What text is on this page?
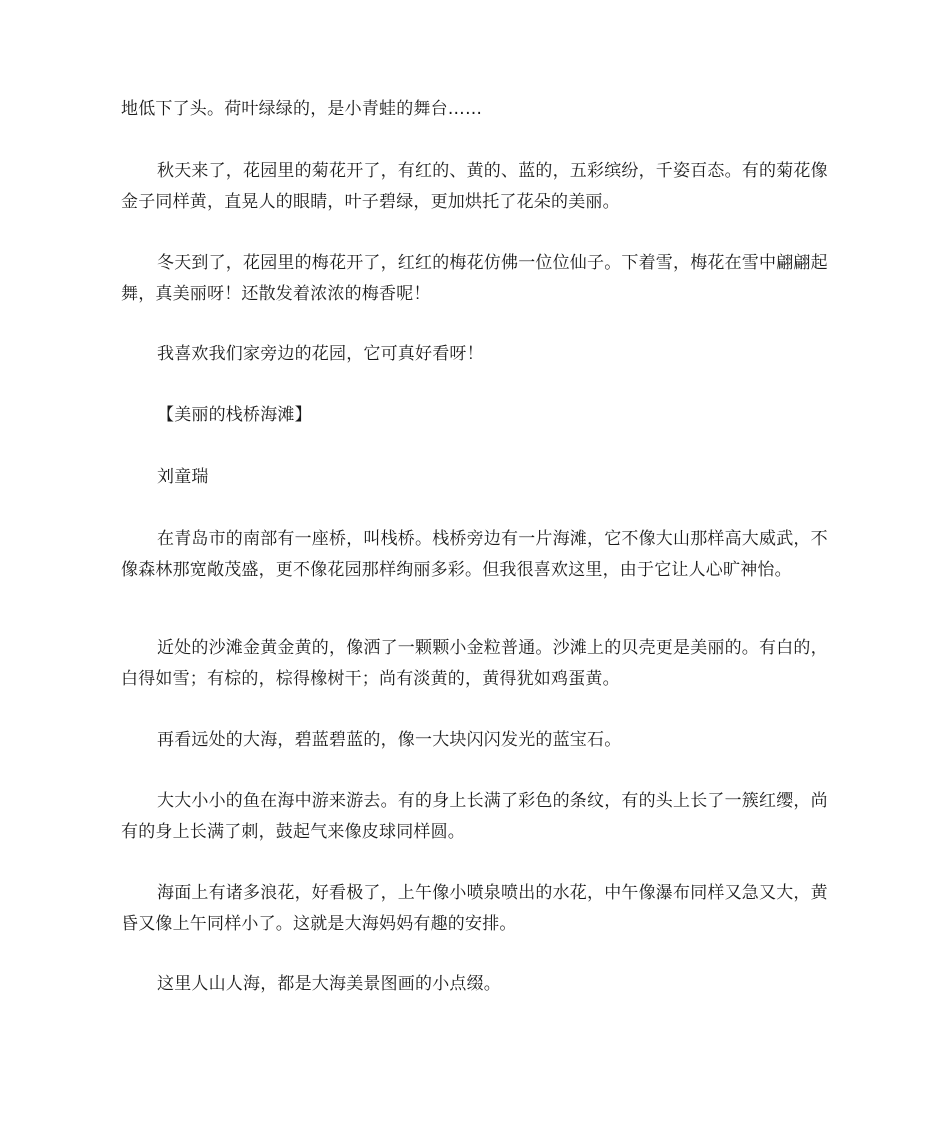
地低下了头。荷叶绿绿的，是小青蛙的舞台……

秋天来了，花园里的菊花开了，有红的、黄的、蓝的，五彩缤纷，千姿百态。有的菊花像金子同样黄，直晃人的眼睛，叶子碧绿，更加烘托了花朵的美丽。

冬天到了，花园里的梅花开了，红红的梅花仿佛一位位仙子。下着雪，梅花在雪中翩翩起舞，真美丽呀！还散发着浓浓的梅香呢！

我喜欢我们家旁边的花园，它可真好看呀！

【美丽的栈桥海滩】

刘童瑞

在青岛市的南部有一座桥，叫栈桥。栈桥旁边有一片海滩，它不像大山那样高大威武，不像森林那宽敞茂盛，更不像花园那样绚丽多彩。但我很喜欢这里，由于它让人心旷神怡。

近处的沙滩金黄金黄的，像洒了一颗颗小金粒普通。沙滩上的贝壳更是美丽的。有白的，白得如雪；有棕的，棕得橡树干；尚有淡黄的，黄得犹如鸡蛋黄。

再看远处的大海，碧蓝碧蓝的，像一大块闪闪发光的蓝宝石。

大大小小的鱼在海中游来游去。有的身上长满了彩色的条纹，有的头上长了一簇红缨，尚有的身上长满了刺，鼓起气来像皮球同样圆。

海面上有诸多浪花，好看极了，上午像小喷泉喷出的水花，中午像瀑布同样又急又大，黄昏又像上午同样小了。这就是大海妈妈有趣的安排。

这里人山人海，都是大海美景图画的小点缀。
